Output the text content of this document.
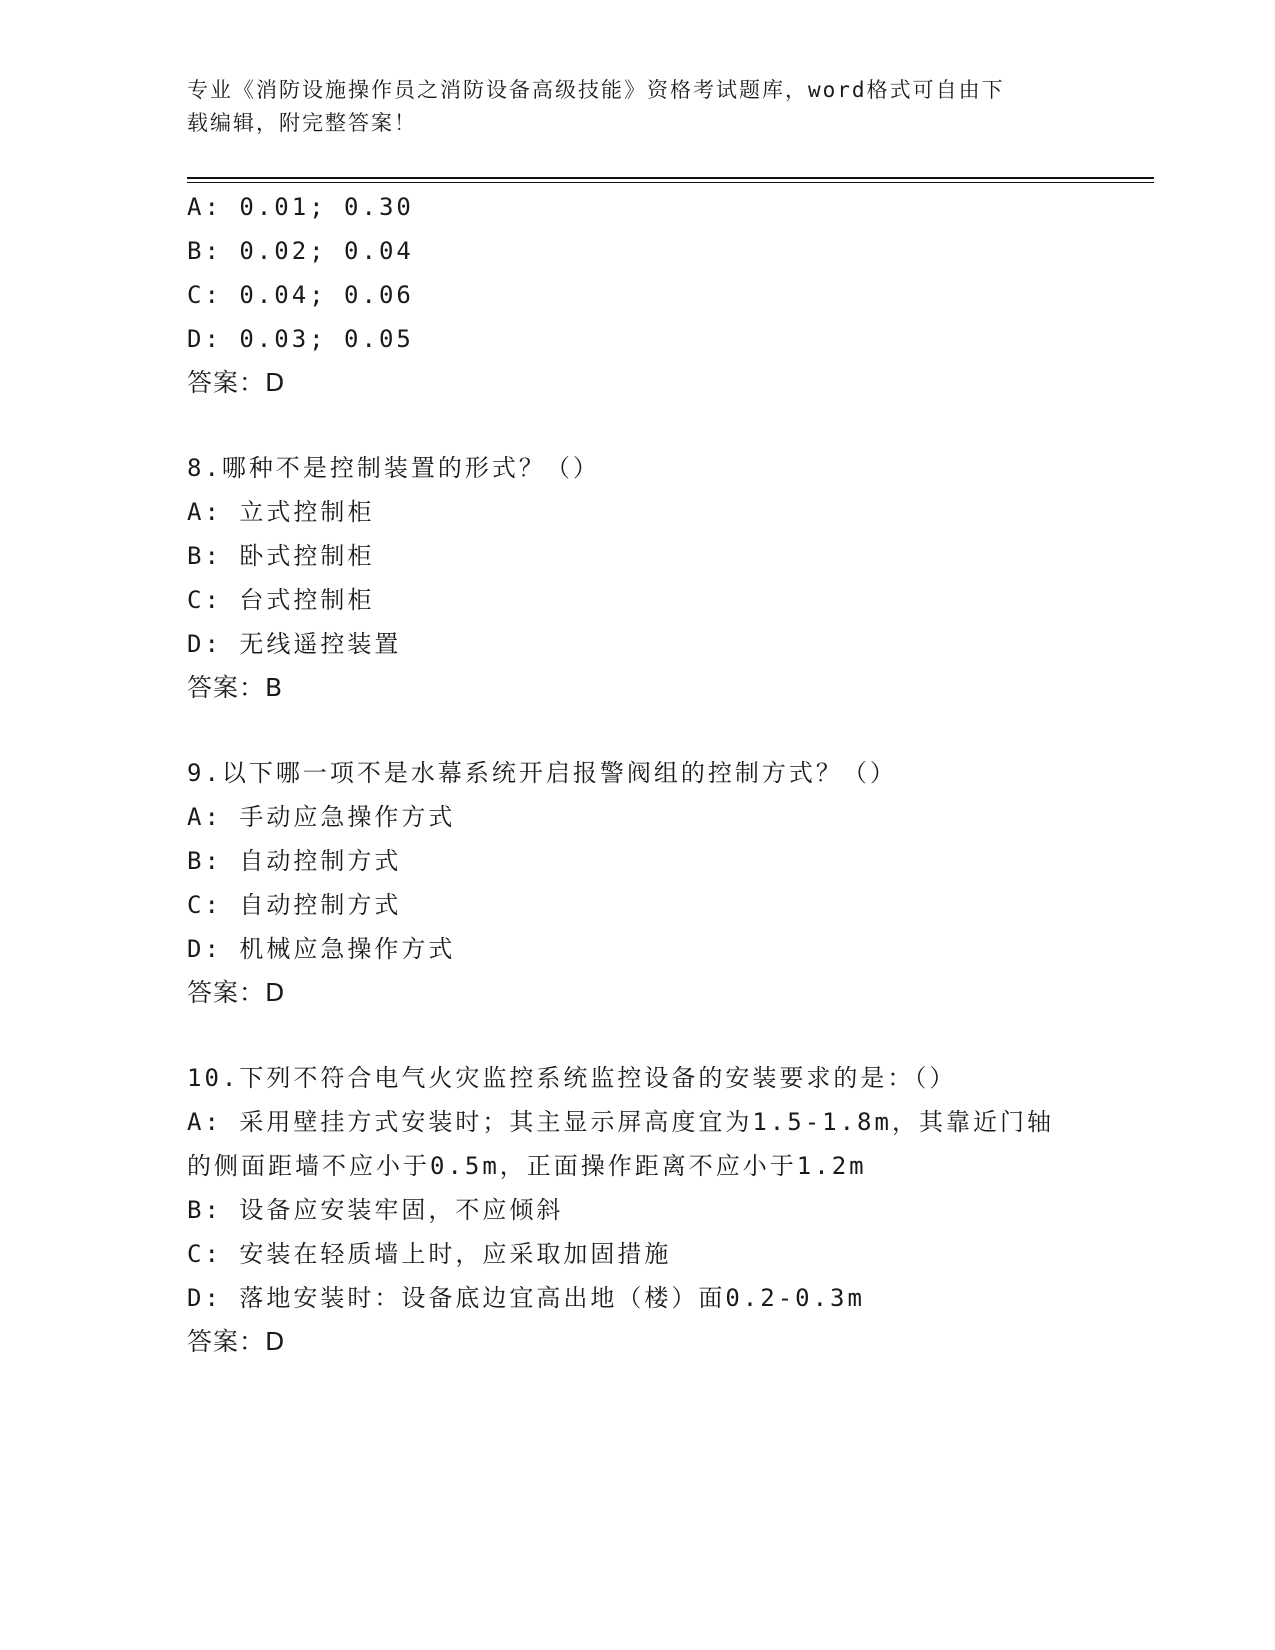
专业《消防设施操作员之消防设备高级技能》资格考试题库，word格式可自由下
载编辑，附完整答案！
A: 0.01; 0.30
B: 0.02; 0.04
C: 0.04; 0.06
D: 0.03; 0.05
答案：D
8.哪种不是控制装置的形式？（）
A: 立式控制柜
B: 卧式控制柜
C: 台式控制柜
D: 无线遥控装置
答案：B
9.以下哪一项不是水幕系统开启报警阀组的控制方式？（）
A: 手动应急操作方式
B: 自动控制方式
C: 自动控制方式
D: 机械应急操作方式
答案：D
10.下列不符合电气火灾监控系统监控设备的安装要求的是：（）
A: 采用壁挂方式安装时；其主显示屏高度宜为1.5-1.8m，其靠近门轴
的侧面距墙不应小于0.5m，正面操作距离不应小于1.2m
B: 设备应安装牢固，不应倾斜
C: 安装在轻质墙上时，应采取加固措施
D: 落地安装时：设备底边宜高出地（楼）面0.2-0.3m
答案：D
